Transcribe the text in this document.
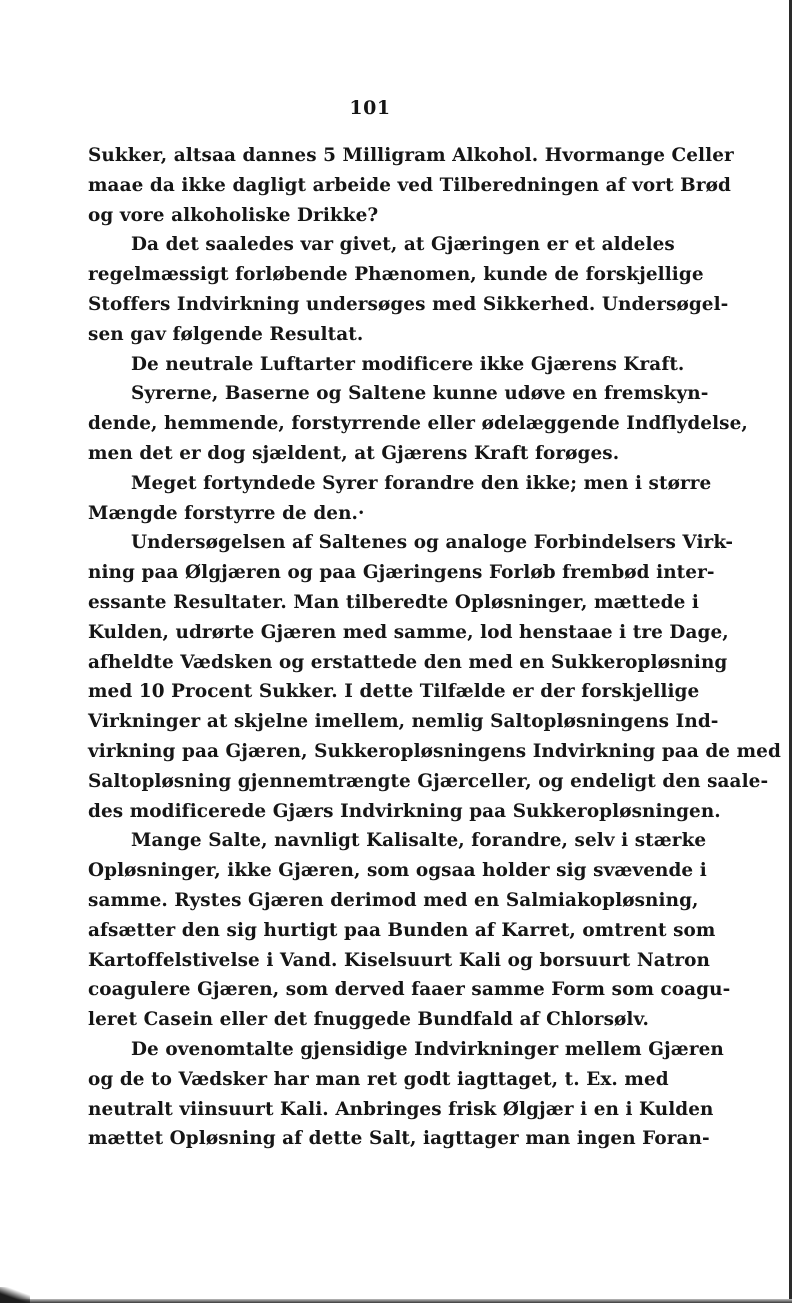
101
Sukker, altsaa dannes 5 Milligram Alkohol. Hvormange Celler
maae da ikke dagligt arbeide ved Tilberedningen af vort Brød
og vore alkoholiske Drikke?
Da det saaledes var givet, at Gjæringen er et aldeles
regelmæssigt forløbende Phænomen, kunde de forskjellige
Stoffers Indvirkning undersøges med Sikkerhed. Undersøgel-
sen gav følgende Resultat.
De neutrale Luftarter modificere ikke Gjærens Kraft.
Syrerne, Baserne og Saltene kunne udøve en fremskyn-
dende, hemmende, forstyrrende eller ødelæggende Indflydelse,
men det er dog sjældent, at Gjærens Kraft forøges.
Meget fortyndede Syrer forandre den ikke; men i større
Mængde forstyrre de den.·
Undersøgelsen af Saltenes og analoge Forbindelsers Virk-
ning paa Ølgjæren og paa Gjæringens Forløb frembød inter-
essante Resultater. Man tilberedte Opløsninger, mættede i
Kulden, udrørte Gjæren med samme, lod henstaae i tre Dage,
afheldte Vædsken og erstattede den med en Sukkeropløsning
med 10 Procent Sukker. I dette Tilfælde er der forskjellige
Virkninger at skjelne imellem, nemlig Saltopløsningens Ind-
virkning paa Gjæren, Sukkeropløsningens Indvirkning paa de med
Saltopløsning gjennemtrængte Gjærceller, og endeligt den saale-
des modificerede Gjærs Indvirkning paa Sukkeropløsningen.
Mange Salte, navnligt Kalisalte, forandre, selv i stærke
Opløsninger, ikke Gjæren, som ogsaa holder sig svævende i
samme. Rystes Gjæren derimod med en Salmiakopløsning,
afsætter den sig hurtigt paa Bunden af Karret, omtrent som
Kartoffelstivelse i Vand. Kiselsuurt Kali og borsuurt Natron
coagulere Gjæren, som derved faaer samme Form som coagu-
leret Casein eller det fnuggede Bundfald af Chlorsølv.
De ovenomtalte gjensidige Indvirkninger mellem Gjæren
og de to Vædsker har man ret godt iagttaget, t. Ex. med
neutralt viinsuurt Kali. Anbringes frisk Ølgjær i en i Kulden
mættet Opløsning af dette Salt, iagttager man ingen Foran-
